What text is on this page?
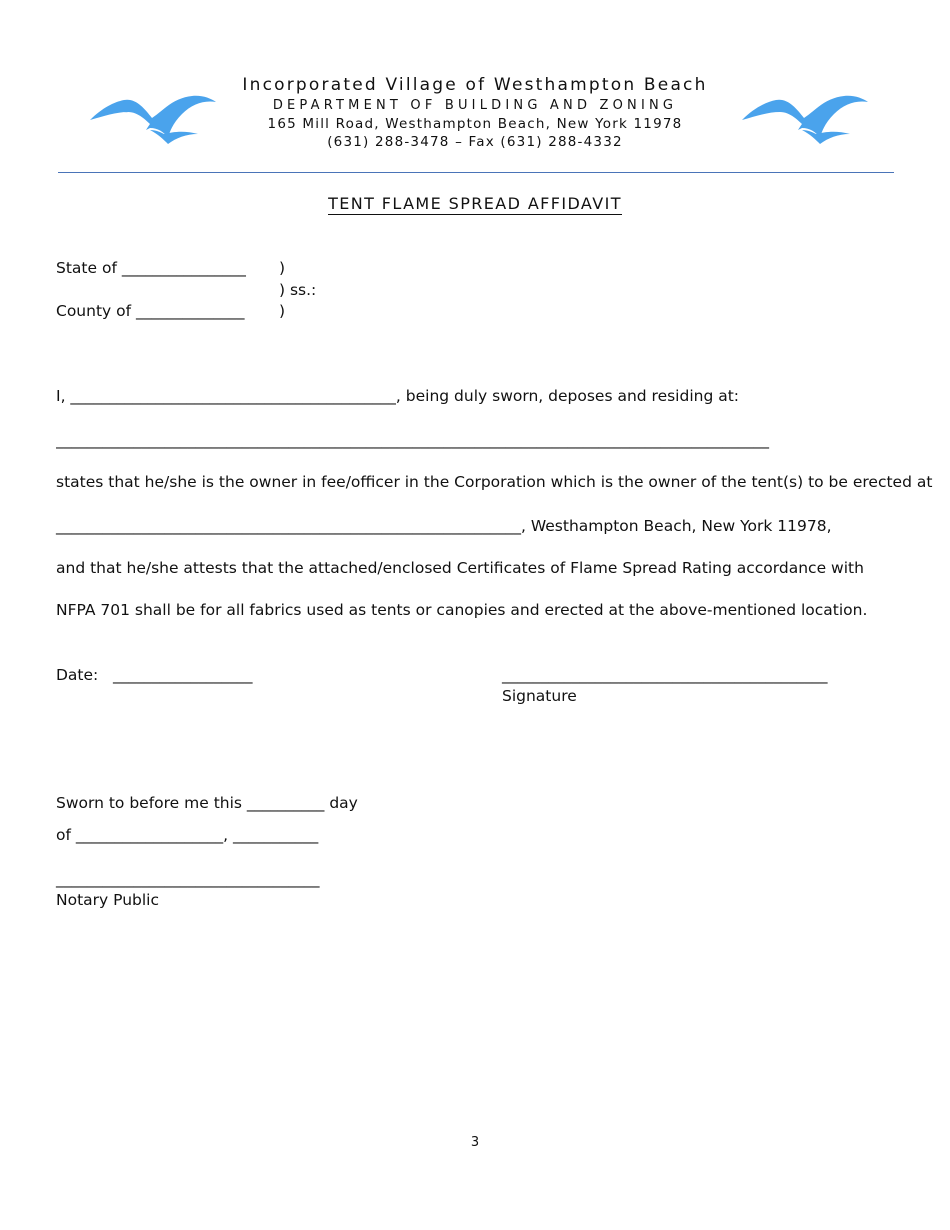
Incorporated Village of Westhampton Beach
DEPARTMENT OF BUILDING AND ZONING
165 Mill Road, Westhampton Beach, New York 11978
(631) 288-3478 – Fax (631) 288-4332
TENT FLAME SPREAD AFFIDAVIT
State of ________________ )
) ss.:
County of ______________ )
I, __________________________________________, being duly sworn, deposes and residing at:
____________________________________________________________________________________________
states that he/she is the owner in fee/officer in the Corporation which is the owner of the tent(s) to be erected at
____________________________________________________________, Westhampton Beach, New York 11978,
and that he/she attests that the attached/enclosed Certificates of Flame Spread Rating accordance with
NFPA 701 shall be for all fabrics used as tents or canopies and erected at the above-mentioned location.
Date:   __________________	__________________________________________
Signature
Sworn to before me this __________ day
of ___________________, ___________
__________________________________
Notary Public
3
